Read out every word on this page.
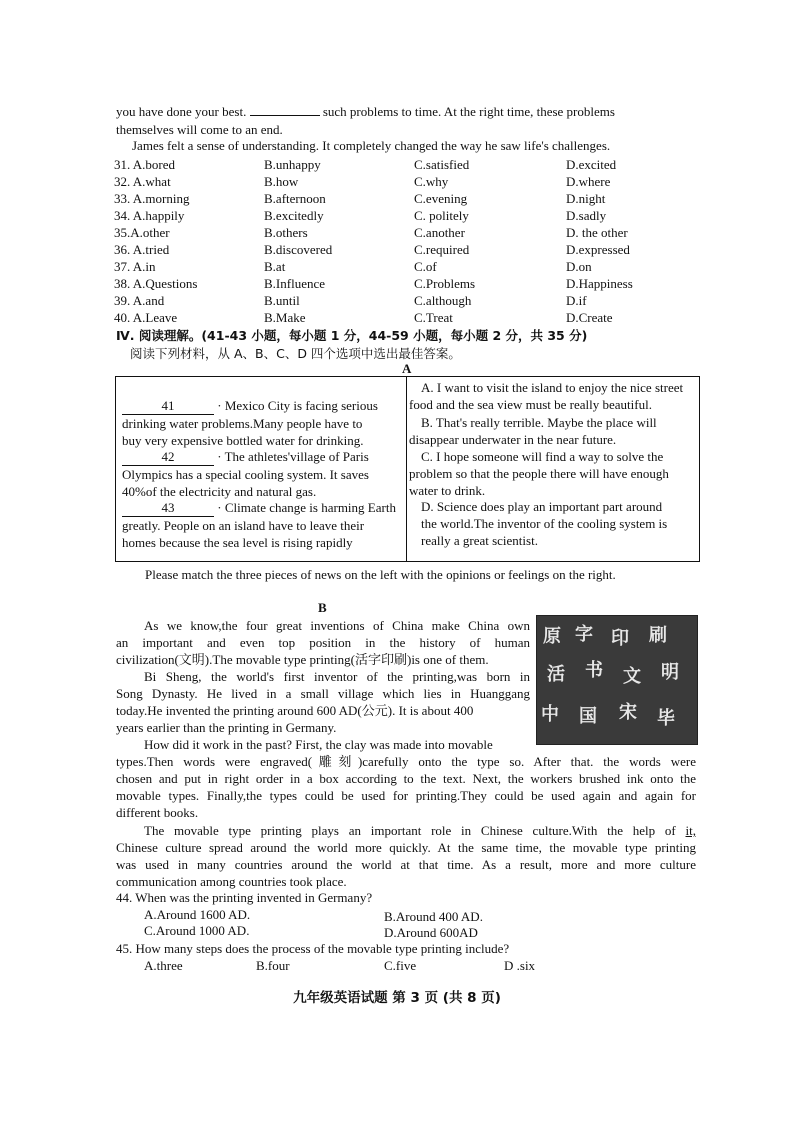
you have done your best.	such problems to time. At the right time, these problems
themselves will come to an end.
James felt a sense of understanding. It completely changed the way he saw life's challenges.
31. A.bored	B.unhappy	C.satisfied	D.excited
32. A.what	B.how	C.why	D.where
33. A.morning	B.afternoon	C.evening	D.night
34. A.happily	B.excitedly	C. politely	D.sadly
35.A.other	B.others	C.another	D. the other
36. A.tried	B.discovered	C.required	D.expressed
37. A.in	B.at	C.of	D.on
38. A.Questions	B.Influence	C.Problems	D.Happiness
39. A.and	B.until	C.although	D.if
40. A.Leave	B.Make	C.Treat	D.Create
Ⅳ. 阅读理解。(41-43 小题，每小题 1 分，44-59 小题，每小题 2 分，共 35 分)
阅读下列材料，从 A、B、C、D 四个选项中选出最佳答案。
A
41	· Mexico City is facing serious
drinking water problems.Many people have to
buy very expensive bottled water for drinking.
42	· The athletes'village of Paris
Olympics has a special cooling system. It saves
40%of the electricity and natural gas.
43	· Climate change is harming Earth
greatly. People on an island have to leave their
homes because the sea level is rising rapidly

A. I want to visit the island to enjoy the nice street
food and the sea view must be really beautiful.
B. That's really terrible. Maybe the place will
disappear underwater in the near future.
C. I hope someone will find a way to solve the
problem so that the people there will have enough
water to drink.
D. Science does play an important part around
the world.The inventor of the cooling system is
really a great scientist.
Please match the three pieces of news on the left with the opinions or feelings on the right.
B
原 字 印 刷
活 书 文 明
中 国 宋 毕
As we know,the four great inventions of China make China own
an important and even top position in the history of human
civilization(文明).The movable type printing(活字印刷)is one of them.
Bi Sheng, the world's first inventor of the printing,was born in
Song Dynasty. He lived in a small village which lies in Huanggang
today.He invented the printing around 600 AD(公元). It is about 400
years earlier than the printing in Germany.
How did it work in the past? First, the clay was made into movable
types.Then words were engraved(雕刻)carefully onto the type so. After that. the words were
chosen and put in right order in a box according to the text. Next, the workers brushed ink onto the
movable types. Finally,the types could be used for printing.They could be used again and again for
different books.
The movable type printing plays an important role in Chinese culture.With the help of it,
Chinese culture spread around the world more quickly. At the same time, the movable type printing
was used in many countries around the world at that time. As a result, more and more culture
communication among countries took place.
44. When was the printing invented in Germany?
A.Around 1600 AD.	B.Around 400 AD.
C.Around 1000 AD.	D.Around 600AD
45. How many steps does the process of the movable type printing include?
A.three	B.four	C.five	D .six
九年级英语试题 第 3 页 (共 8 页)
